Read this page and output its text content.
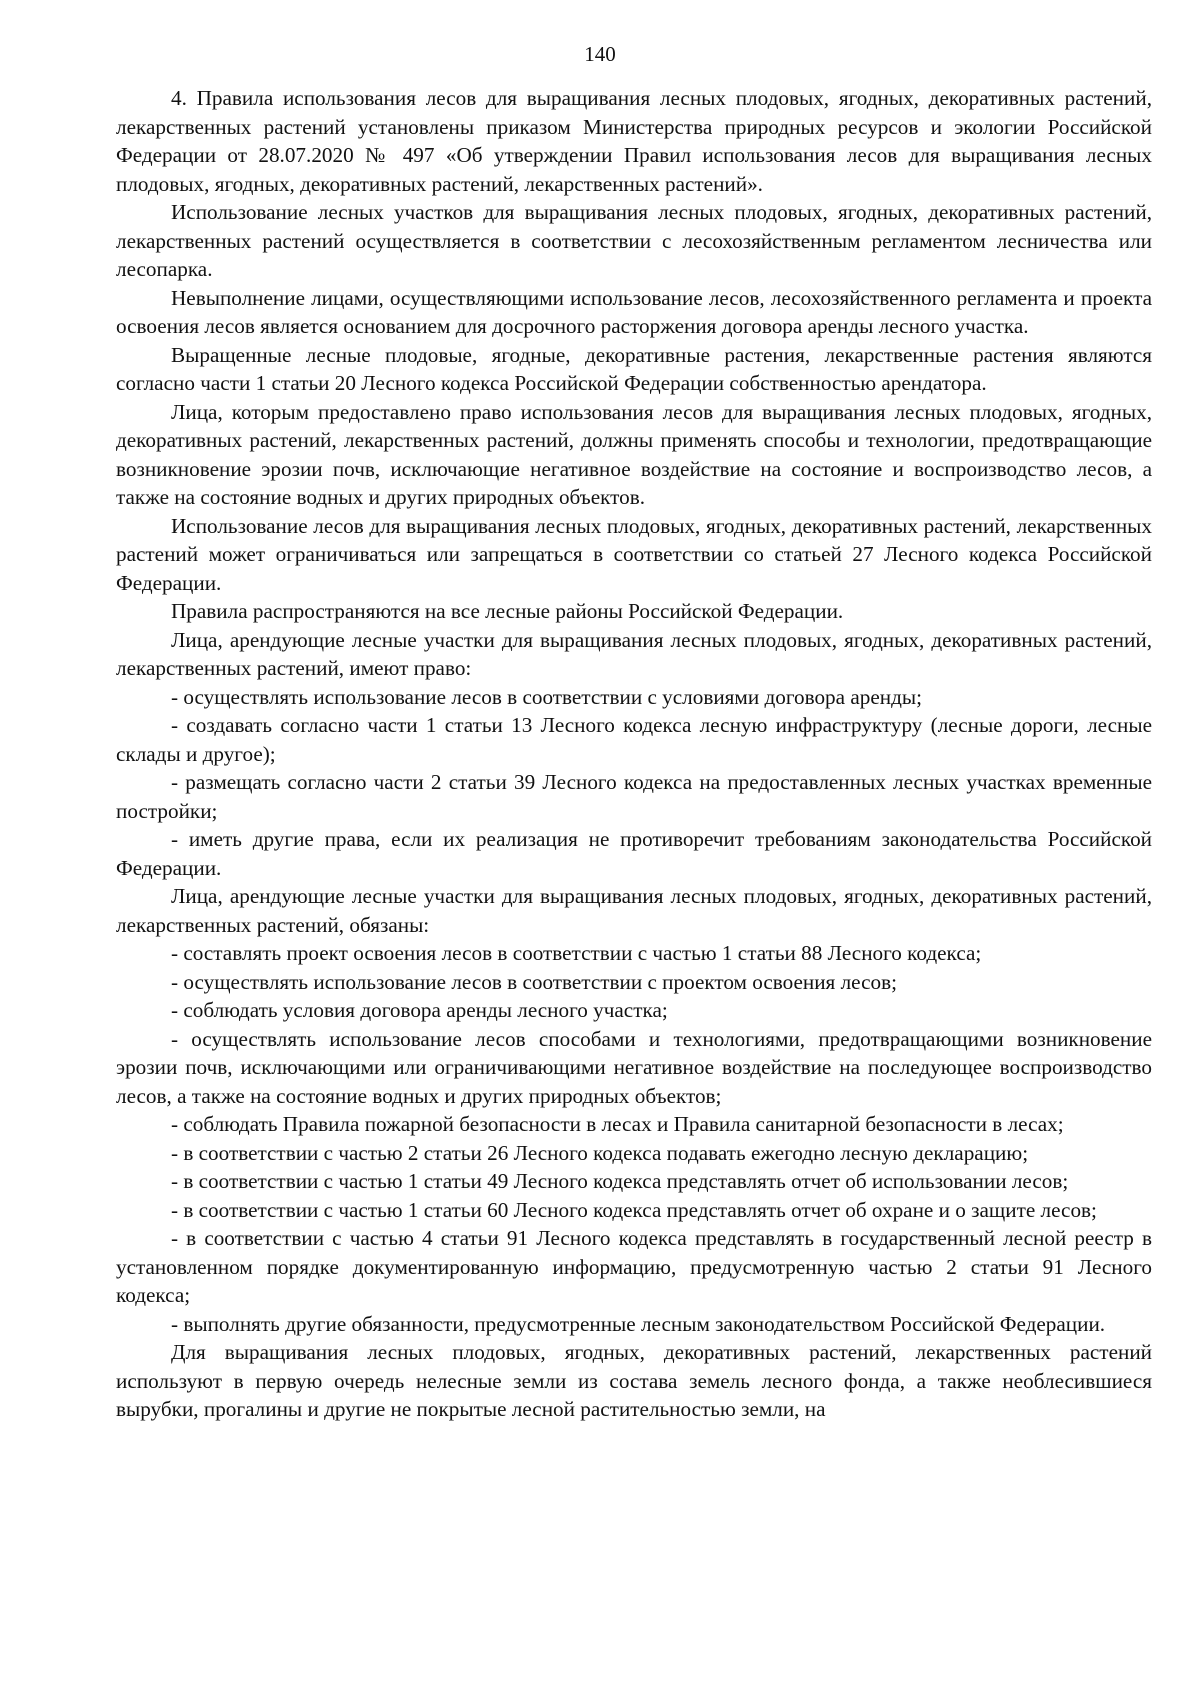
140

4. Правила использования лесов для выращивания лесных плодовых, ягодных, декоративных растений, лекарственных растений установлены приказом Министерства природных ресурсов и экологии Российской Федерации от 28.07.2020 № 497 «Об утверждении Правил использования лесов для выращивания лесных плодовых, ягодных, декоративных растений, лекарственных растений».

Использование лесных участков для выращивания лесных плодовых, ягодных, декоративных растений, лекарственных растений осуществляется в соответствии с лесохозяйственным регламентом лесничества или лесопарка.

Невыполнение лицами, осуществляющими использование лесов, лесохозяйственного регламента и проекта освоения лесов является основанием для досрочного расторжения договора аренды лесного участка.

Выращенные лесные плодовые, ягодные, декоративные растения, лекарственные растения являются согласно части 1 статьи 20 Лесного кодекса Российской Федерации собственностью арендатора.

Лица, которым предоставлено право использования лесов для выращивания лесных плодовых, ягодных, декоративных растений, лекарственных растений, должны применять способы и технологии, предотвращающие возникновение эрозии почв, исключающие негативное воздействие на состояние и воспроизводство лесов, а также на состояние водных и других природных объектов.

Использование лесов для выращивания лесных плодовых, ягодных, декоративных растений, лекарственных растений может ограничиваться или запрещаться в соответствии со статьей 27 Лесного кодекса Российской Федерации.

Правила распространяются на все лесные районы Российской Федерации.

Лица, арендующие лесные участки для выращивания лесных плодовых, ягодных, декоративных растений, лекарственных растений, имеют право:

- осуществлять использование лесов в соответствии с условиями договора аренды;

- создавать согласно части 1 статьи 13 Лесного кодекса лесную инфраструктуру (лесные дороги, лесные склады и другое);

- размещать согласно части 2 статьи 39 Лесного кодекса на предоставленных лесных участках временные постройки;

- иметь другие права, если их реализация не противоречит требованиям законодательства Российской Федерации.

Лица, арендующие лесные участки для выращивания лесных плодовых, ягодных, декоративных растений, лекарственных растений, обязаны:

- составлять проект освоения лесов в соответствии с частью 1 статьи 88 Лесного кодекса;

- осуществлять использование лесов в соответствии с проектом освоения лесов;

- соблюдать условия договора аренды лесного участка;

- осуществлять использование лесов способами и технологиями, предотвращающими возникновение эрозии почв, исключающими или ограничивающими негативное воздействие на последующее воспроизводство лесов, а также на состояние водных и других природных объектов;

- соблюдать Правила пожарной безопасности в лесах и Правила санитарной безопасности в лесах;

- в соответствии с частью 2 статьи 26 Лесного кодекса подавать ежегодно лесную декларацию;

- в соответствии с частью 1 статьи 49 Лесного кодекса представлять отчет об использовании лесов;

- в соответствии с частью 1 статьи 60 Лесного кодекса представлять отчет об охране и о защите лесов;

- в соответствии с частью 4 статьи 91 Лесного кодекса представлять в государственный лесной реестр в установленном порядке документированную информацию, предусмотренную частью 2 статьи 91 Лесного кодекса;

- выполнять другие обязанности, предусмотренные лесным законодательством Российской Федерации.

Для выращивания лесных плодовых, ягодных, декоративных растений, лекарственных растений используют в первую очередь нелесные земли из состава земель лесного фонда, а также необлесившиеся вырубки, прогалины и другие не покрытые лесной растительностью земли, на
